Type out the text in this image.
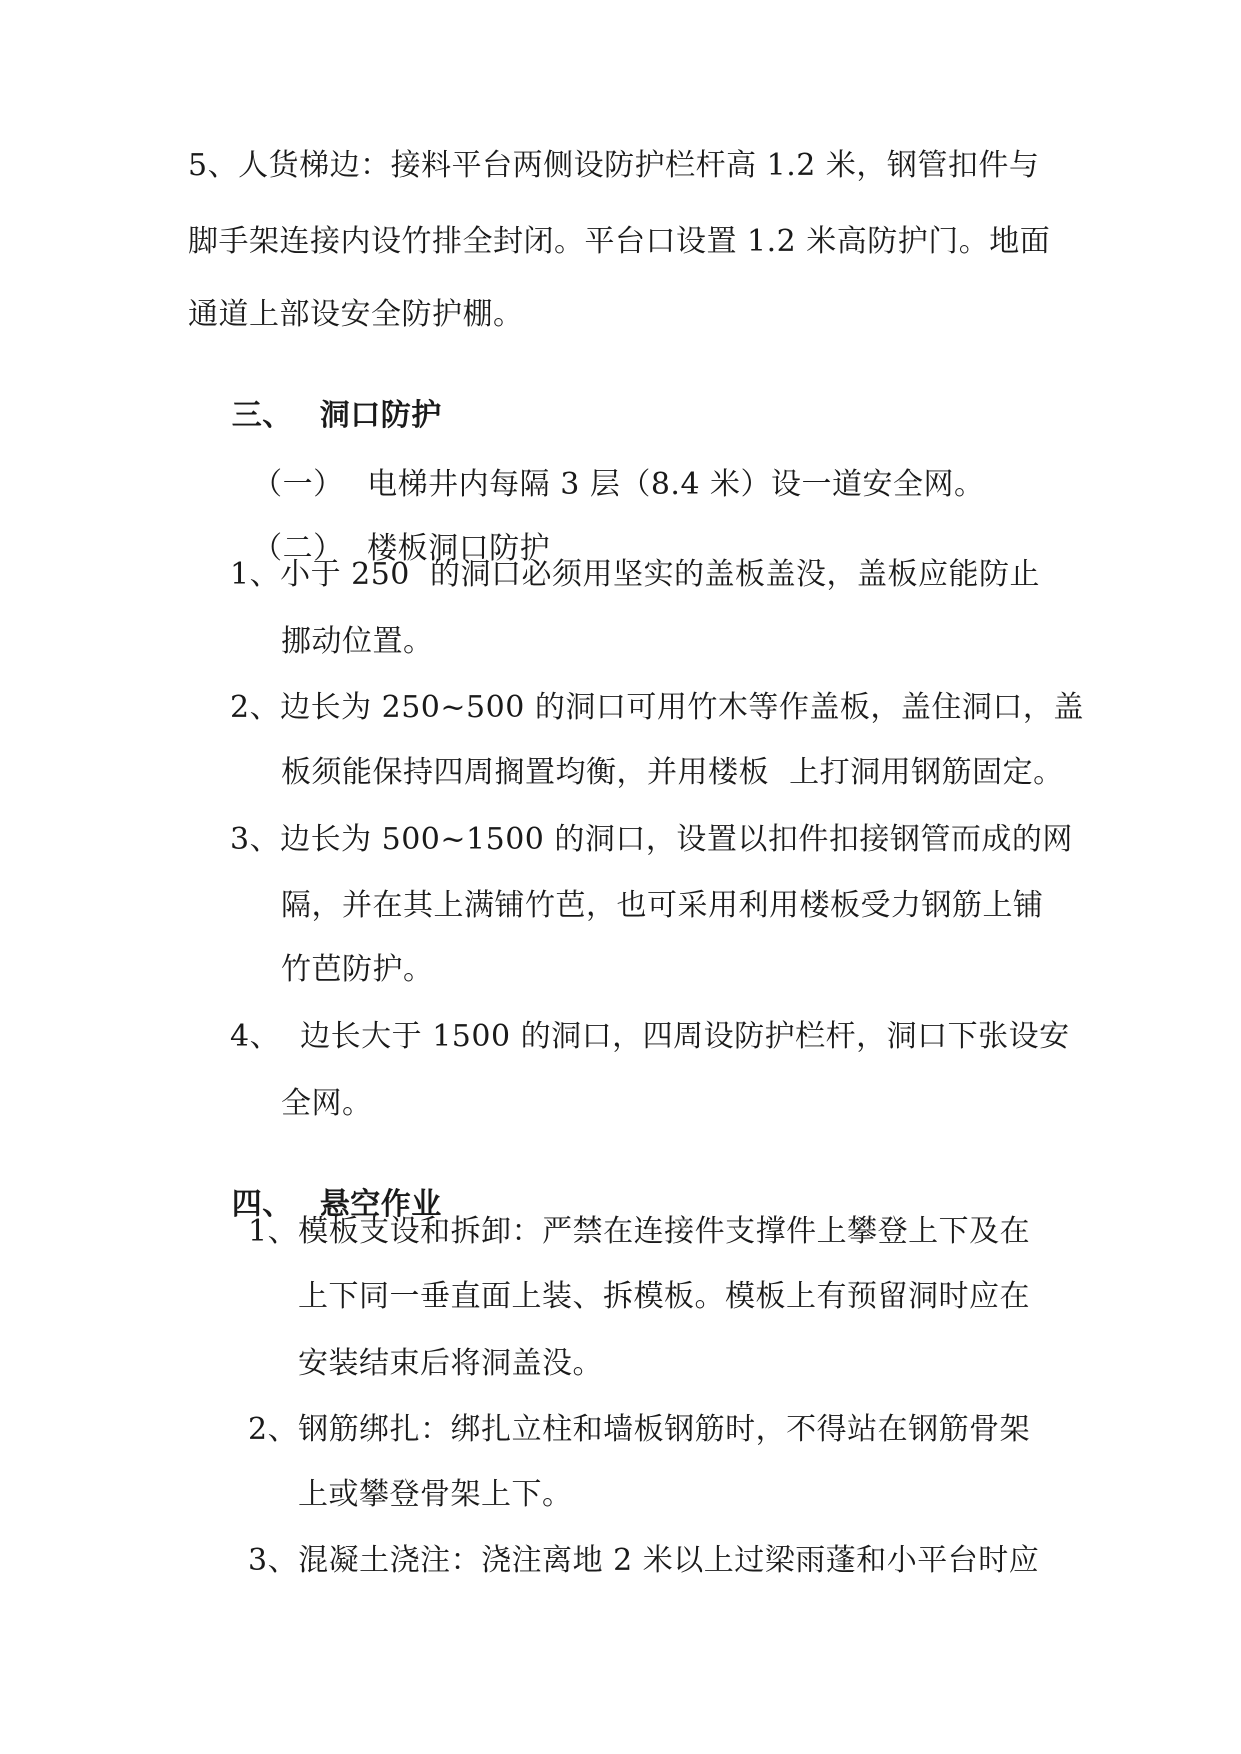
5、人货梯边：接料平台两侧设防护栏杆高 1.2 米，钢管扣件与
脚手架连接内设竹排全封闭。平台口设置 1.2 米高防护门。地面
通道上部设安全防护棚。

三、 洞口防护

（一） 电梯井内每隔 3 层（8.4 米）设一道安全网。

（二） 楼板洞口防护

1、小于 250  的洞口必须用坚实的盖板盖没，盖板应能防止
挪动位置。
2、边长为 250~500 的洞口可用竹木等作盖板，盖住洞口，盖
板须能保持四周搁置均衡，并用楼板  上打洞用钢筋固定。
3、边长为 500~1500 的洞口，设置以扣件扣接钢管而成的网
隔，并在其上满铺竹芭，也可采用利用楼板受力钢筋上铺
竹芭防护。
4、  边长大于 1500 的洞口，四周设防护栏杆，洞口下张设安
全网。

四、 悬空作业

1、模板支设和拆卸：严禁在连接件支撑件上攀登上下及在
上下同一垂直面上装、拆模板。模板上有预留洞时应在
安装结束后将洞盖没。
2、钢筋绑扎：绑扎立柱和墙板钢筋时，不得站在钢筋骨架
上或攀登骨架上下。
3、混凝土浇注：浇注离地 2 米以上过梁雨蓬和小平台时应
